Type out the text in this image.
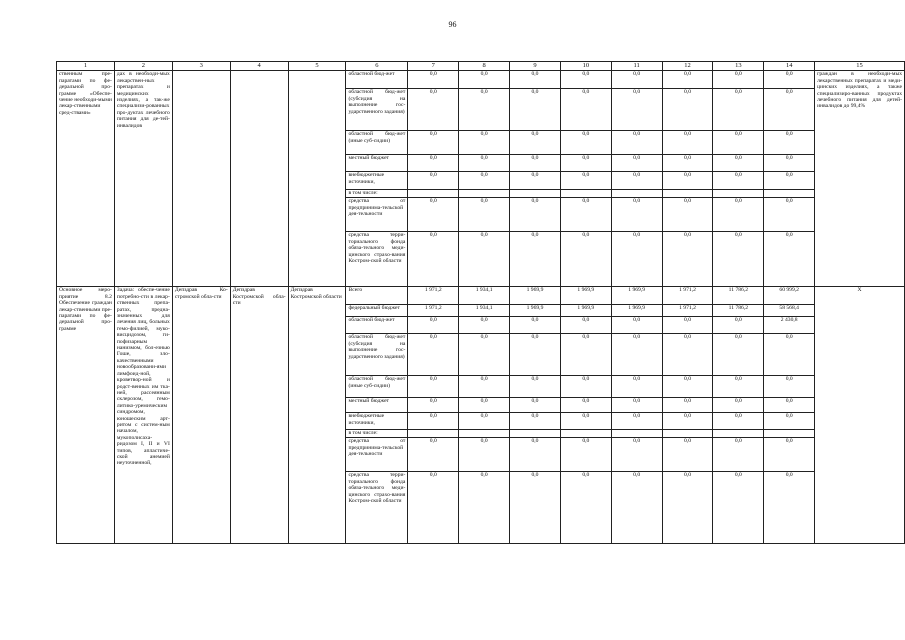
96
1	2	3	4	5	6	7	8	9	10	11	12	13	14	15
ственным пре-паратами по фе-деральной про-грамме «Обеспе-чение необходи-мыми лекар-ственными сред-ствами»	дах в необходи-мых лекарствен-ных препаратах и медицинских изделиях, а так-же специализи-рованных про-дуктах лечебного питания для де-тей-инвалидов				областной бюд-жет	0,0	0,0	0,0	0,0	0,0	0,0	0,0	0,0	граждан в необходи-мых лекарственных препаратах и меди-цинских изделиях, а также специализиро-ванных продуктах лечебного питания для детей-инвалидов до 99,4%
					областной бюд-жет (субсидия на выполнение гос-ударственного задания)	0,0	0,0	0,0	0,0	0,0	0,0	0,0	0,0	
					областной бюд-жет (иные суб-сидии)	0,0	0,0	0,0	0,0	0,0	0,0	0,0	0,0	
					местный бюджет	0,0	0,0	0,0	0,0	0,0	0,0	0,0	0,0	
					внебюджетные источники,	0,0	0,0	0,0	0,0	0,0	0,0	0,0	0,0	
					в том числе:									
					средства от предпринима-тельской дея-тельности	0,0	0,0	0,0	0,0	0,0	0,0	0,0	0,0	
					средства терри-ториального фонда обяза-тельного меди-цинского страхо-вания Костром-ской области	0,0	0,0	0,0	0,0	0,0	0,0	0,0	0,0	
Основное меро-приятие 8.2 Обеспечение граждан лекар-ственными пре-паратами по фе-деральной про-грамме	Задача: обеспе-чение потребно-сти в лекар-ственных препа-ратах, предна-значенных для лечения лиц, больных гемо-филией, муко-висцидозом, ги-пофизарным нанизмом, бол-езнью Гоше, зло-качественными новообразовани-ями лимфоид-ной, кроветвор-ной и родст-венных им тка-ней, рассеянным склерозом, гемо-литико-уремическим синдромом, юношеским арт-ритом с систем-ным началом, мукополисаха-ридозом I, II и VI типов, апластиче-ской анемией неуточненной,	Депздрав Ко-стромской обла-сти	Депздрав Костромской обла-сти	Депздрав Костромской области	Всего	1 971,2	1 934,1	1 969,9	1 969,9	1 969,9	1 971,2	11 786,2	60 999,2	Х
					федеральный бюджет	1 971,2	1 934,1	1 969,9	1 969,9	1 969,9	1 971,2	11 786,2	58 568,4	
					областной бюд-жет	0,0	0,0	0,0	0,0	0,0	0,0	0,0	2 430,8	
					областной бюд-жет (субсидия на выполнение гос-ударственного задания)	0,0	0,0	0,0	0,0	0,0	0,0	0,0	0,0	
					областной бюд-жет (иные суб-сидии)	0,0	0,0	0,0	0,0	0,0	0,0	0,0	0,0	
					местный бюджет	0,0	0,0	0,0	0,0	0,0	0,0	0,0	0,0	
					внебюджетные источники,	0,0	0,0	0,0	0,0	0,0	0,0	0,0	0,0	
					в том числе:									
					средства от предпринима-тельской дея-тельности	0,0	0,0	0,0	0,0	0,0	0,0	0,0	0,0	
					средства терри-ториального фонда обяза-тельного меди-цинского страхо-вания Костром-ской области	0,0	0,0	0,0	0,0	0,0	0,0	0,0	0,0	
